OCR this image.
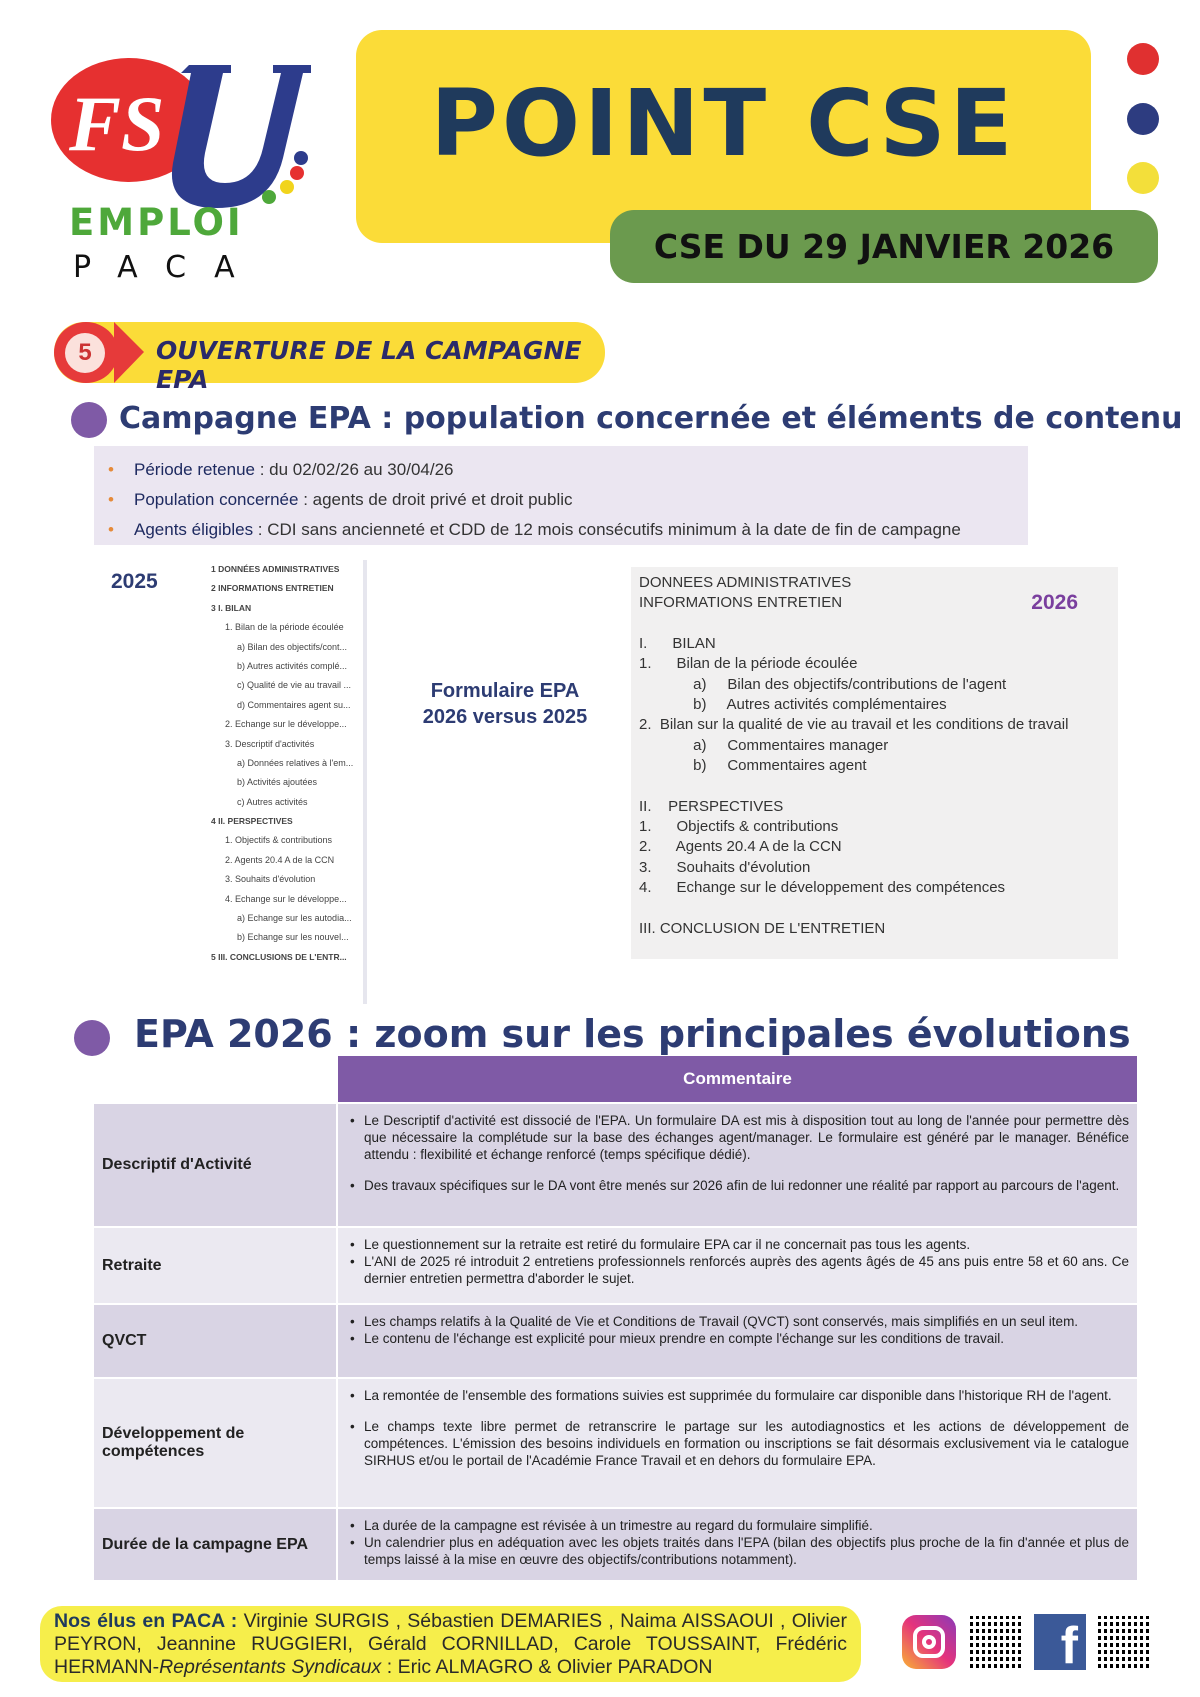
FS
EMPLOI
PACA
POINT CSE
CSE DU 29 JANVIER 2026
5	OUVERTURE DE LA CAMPAGNE EPA
Campagne EPA : population concernée et éléments de contenu
• Période retenue : du 02/02/26 au 30/04/26
• Population concernée : agents de droit privé et droit public
• Agents éligibles : CDI sans ancienneté et CDD de 12 mois consécutifs minimum à la date de fin de campagne
2025
1 DONNÉES ADMINISTRATIVES
2 INFORMATIONS ENTRETIEN
3 I. BILAN
1. Bilan de la période écoulée
a) Bilan des objectifs/cont...
b) Autres activités complé...
c) Qualité de vie au travail ...
d) Commentaires agent su...
2. Echange sur le développe...
3. Descriptif d'activités
a) Données relatives à l'em...
b) Activités ajoutées
c) Autres activités
4 II. PERSPECTIVES
1. Objectifs & contributions
2. Agents 20.4 A de la CCN
3. Souhaits d'évolution
4. Echange sur le développe...
a) Echange sur les autodia...
b) Echange sur les nouvel...
5 III. CONCLUSIONS DE L'ENTR...
Formulaire EPA
2026 versus 2025
2026
DONNEES ADMINISTRATIVES
INFORMATIONS ENTRETIEN
I.      BILAN
1.      Bilan de la période écoulée
a)     Bilan des objectifs/contributions de l'agent
b)     Autres activités complémentaires
2.  Bilan sur la qualité de vie au travail et les conditions de travail
a)     Commentaires manager
b)     Commentaires agent
II.    PERSPECTIVES
1.      Objectifs & contributions
2.      Agents 20.4 A de la CCN
3.      Souhaits d'évolution
4.      Echange sur le développement des compétences
III. CONCLUSION DE L'ENTRETIEN
EPA 2026 : zoom sur les principales évolutions
Commentaire
Descriptif d'Activité

• Le Descriptif d'activité est dissocié de l'EPA. Un formulaire DA est mis à disposition tout au long de l'année pour permettre dès que nécessaire la complétude sur la base des échanges agent/manager. Le formulaire est généré par le manager. Bénéfice attendu : flexibilité et échange renforcé (temps spécifique dédié).

• Des travaux spécifiques sur le DA vont être menés sur 2026 afin de lui redonner une réalité par rapport au parcours de l'agent.

Retraite

• Le questionnement sur la retraite est retiré du formulaire EPA car il ne concernait pas tous les agents.

• L'ANI de 2025 ré introduit 2 entretiens professionnels renforcés auprès des agents âgés de 45 ans puis entre 58 et 60 ans. Ce dernier entretien permettra d'aborder le sujet.

QVCT

• Les champs relatifs à la Qualité de Vie et Conditions de Travail (QVCT) sont conservés, mais simplifiés en un seul item.

• Le contenu de l'échange est explicité pour mieux prendre en compte l'échange sur les conditions de travail.

Développement de compétences

• La remontée de l'ensemble des formations suivies est supprimée du formulaire car disponible dans l'historique RH de l'agent.

• Le champs texte libre permet de retranscrire le partage sur les autodiagnostics et les actions de développement de compétences. L'émission des besoins individuels en formation ou inscriptions se fait désormais exclusivement via le catalogue SIRHUS et/ou le portail de l'Académie France Travail et en dehors du formulaire EPA.

Durée de la campagne EPA

• La durée de la campagne est révisée à un trimestre au regard du formulaire simplifié.

• Un calendrier plus en adéquation avec les objets traités dans l'EPA (bilan des objectifs plus proche de la fin d'année et plus de temps laissé à la mise en œuvre des objectifs/contributions notamment).

Nos élus en PACA : Virginie SURGIS , Sébastien DEMARIES , Naima AISSAOUI , Olivier PEYRON, Jeannine RUGGIERI, Gérald CORNILLAD, Carole TOUSSAINT, Frédéric HERMANN-Représentants Syndicaux : Eric ALMAGRO & Olivier PARADON	f
